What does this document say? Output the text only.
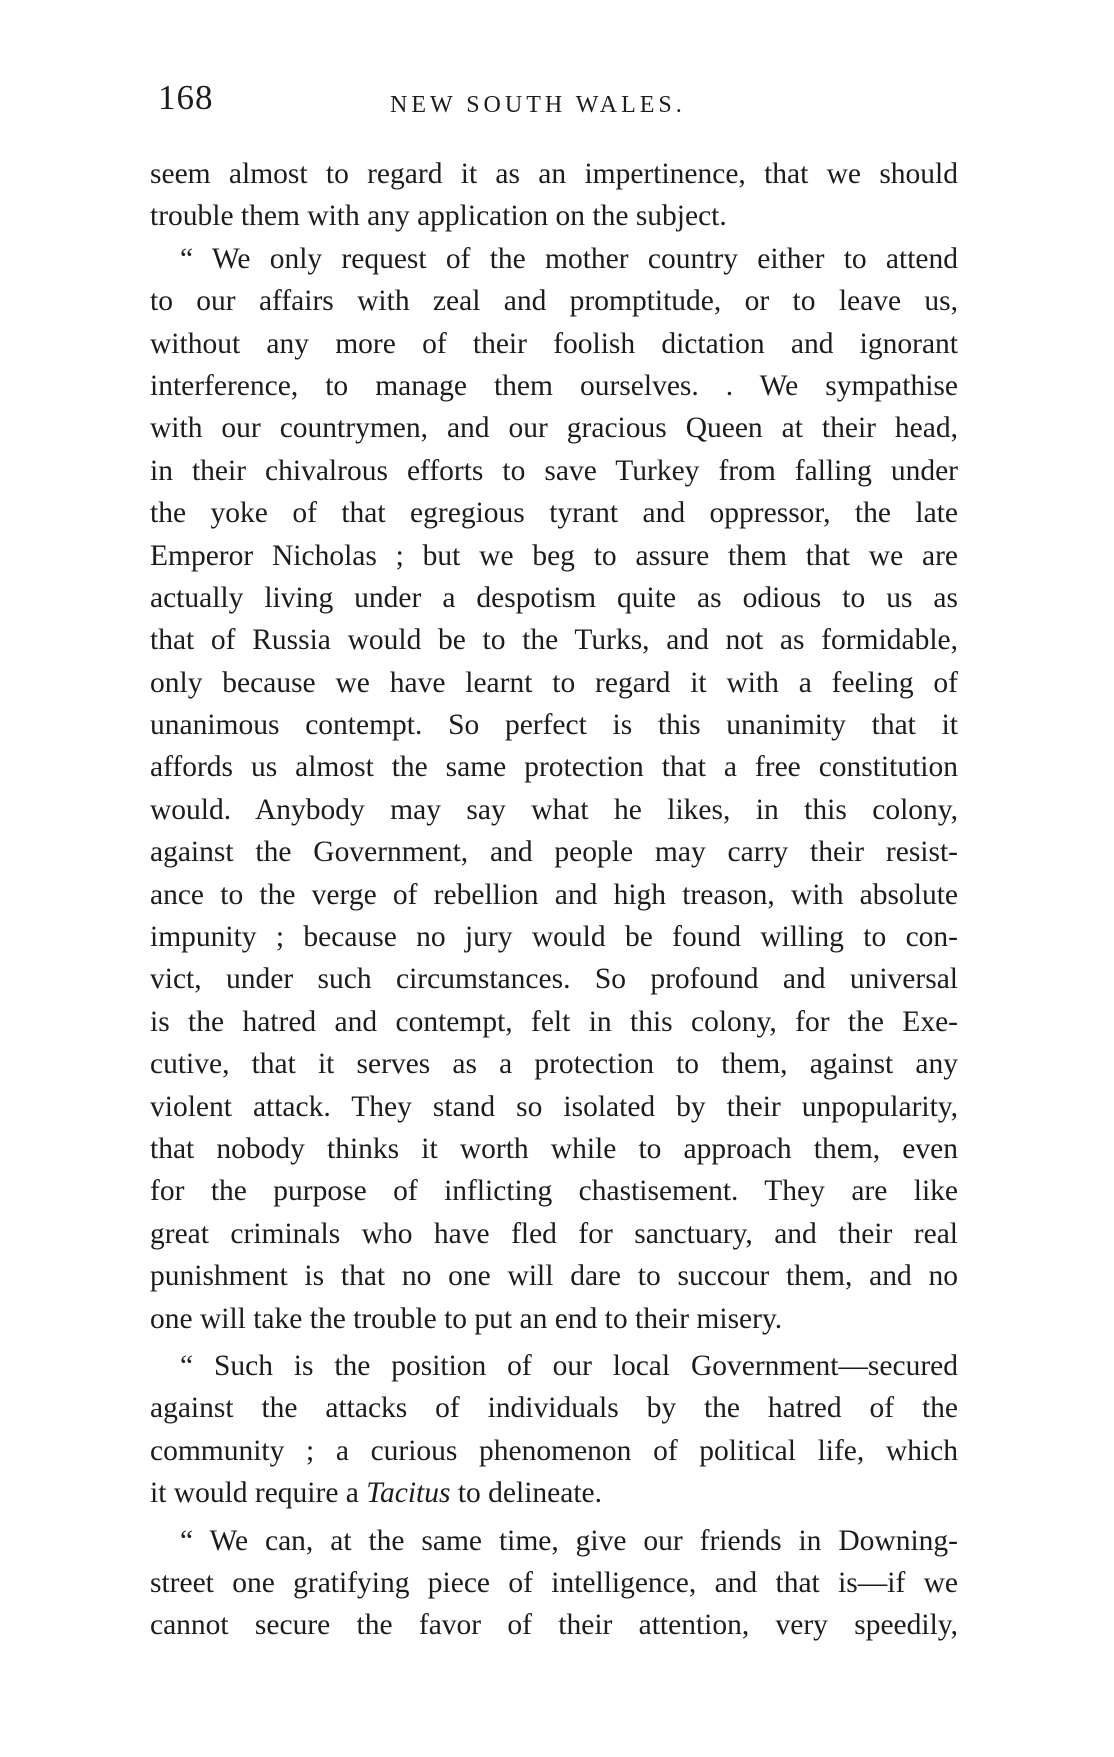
168	NEW SOUTH WALES.
seem almost to regard it as an impertinence, that we should
trouble them with any application on the subject.
“ We only request of the mother country either to attend
to our affairs with zeal and promptitude, or to leave us,
without any more of their foolish dictation and ignorant
interference, to manage them ourselves. . We sympathise
with our countrymen, and our gracious Queen at their head,
in their chivalrous efforts to save Turkey from falling under
the yoke of that egregious tyrant and oppressor, the late
Emperor Nicholas ; but we beg to assure them that we are
actually living under a despotism quite as odious to us as
that of Russia would be to the Turks, and not as formidable,
only because we have learnt to regard it with a feeling of
unanimous contempt. So perfect is this unanimity that it
affords us almost the same protection that a free constitution
would. Anybody may say what he likes, in this colony,
against the Government, and people may carry their resist-
ance to the verge of rebellion and high treason, with absolute
impunity ; because no jury would be found willing to con-
vict, under such circumstances. So profound and universal
is the hatred and contempt, felt in this colony, for the Exe-
cutive, that it serves as a protection to them, against any
violent attack. They stand so isolated by their unpopularity,
that nobody thinks it worth while to approach them, even
for the purpose of inflicting chastisement. They are like
great criminals who have fled for sanctuary, and their real
punishment is that no one will dare to succour them, and no
one will take the trouble to put an end to their misery.
“ Such is the position of our local Government—secured
against the attacks of individuals by the hatred of the
community ; a curious phenomenon of political life, which
it would require a Tacitus to delineate.
“ We can, at the same time, give our friends in Downing-
street one gratifying piece of intelligence, and that is—if we
cannot secure the favor of their attention, very speedily,
